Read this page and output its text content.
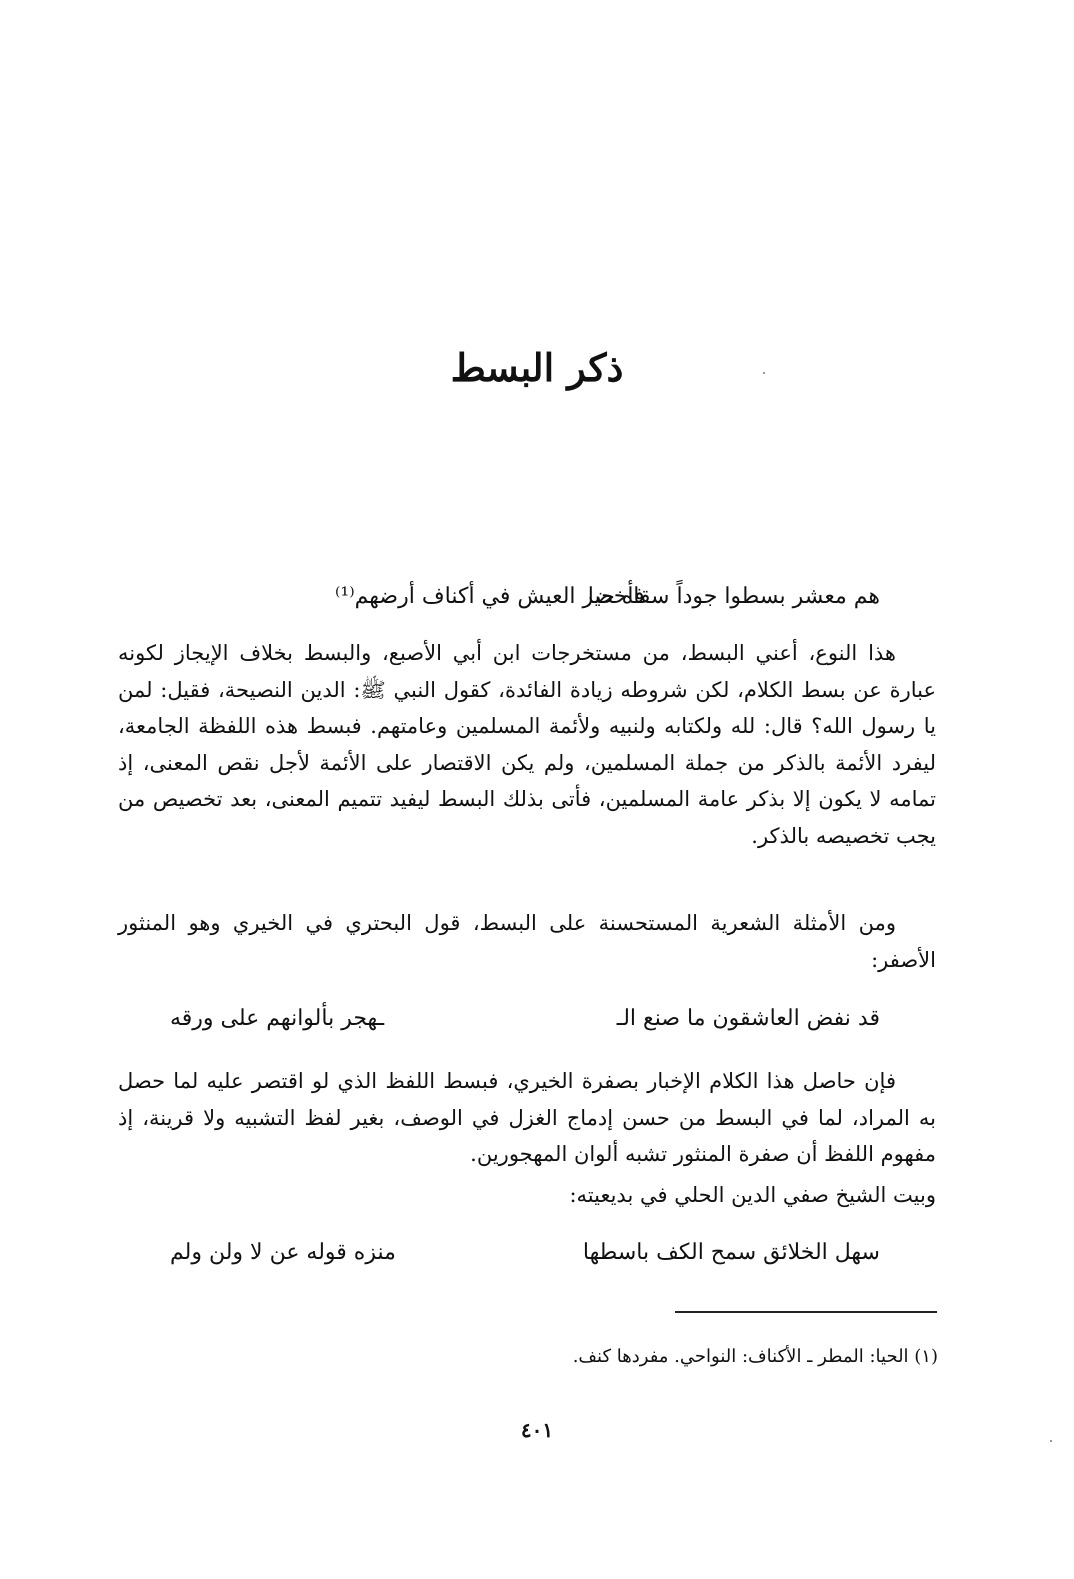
ذكر البسط
هم معشر بسطوا جوداً سقاه حيا
فأخضر العيش في أكناف أرضهم⁽¹⁾

هذا النوع، أعني البسط، من مستخرجات ابن أبي الأصبع، والبسط بخلاف الإيجاز لكونه عبارة عن بسط الكلام، لكن شروطه زيادة الفائدة، كقول النبي ﷺ: الدين النصيحة، فقيل: لمن يا رسول الله؟ قال: لله ولكتابه ولنبيه ولأئمة المسلمين وعامتهم. فبسط هذه اللفظة الجامعة، ليفرد الأئمة بالذكر من جملة المسلمين، ولم يكن الاقتصار على الأئمة لأجل نقص المعنى، إذ تمامه لا يكون إلا بذكر عامة المسلمين، فأتى بذلك البسط ليفيد تتميم المعنى، بعد تخصيص من يجب تخصيصه بالذكر.

ومن الأمثلة الشعرية المستحسنة على البسط، قول البحتري في الخيري وهو المنثور الأصفر:

قد نفض العاشقون ما صنع الـ
ـهجر بألوانهم على ورقه

فإن حاصل هذا الكلام الإخبار بصفرة الخيري، فبسط اللفظ الذي لو اقتصر عليه لما حصل به المراد، لما في البسط من حسن إدماج الغزل في الوصف، بغير لفظ التشبيه ولا قرينة، إذ مفهوم اللفظ أن صفرة المنثور تشبه ألوان المهجورين.

وبيت الشيخ صفي الدين الحلي في بديعيته:

سهل الخلائق سمح الكف باسطها
منزه قوله عن لا ولن ولم
(١) الحيا: المطر ـ الأكناف: النواحي. مفردها كنف.
٤٠١
